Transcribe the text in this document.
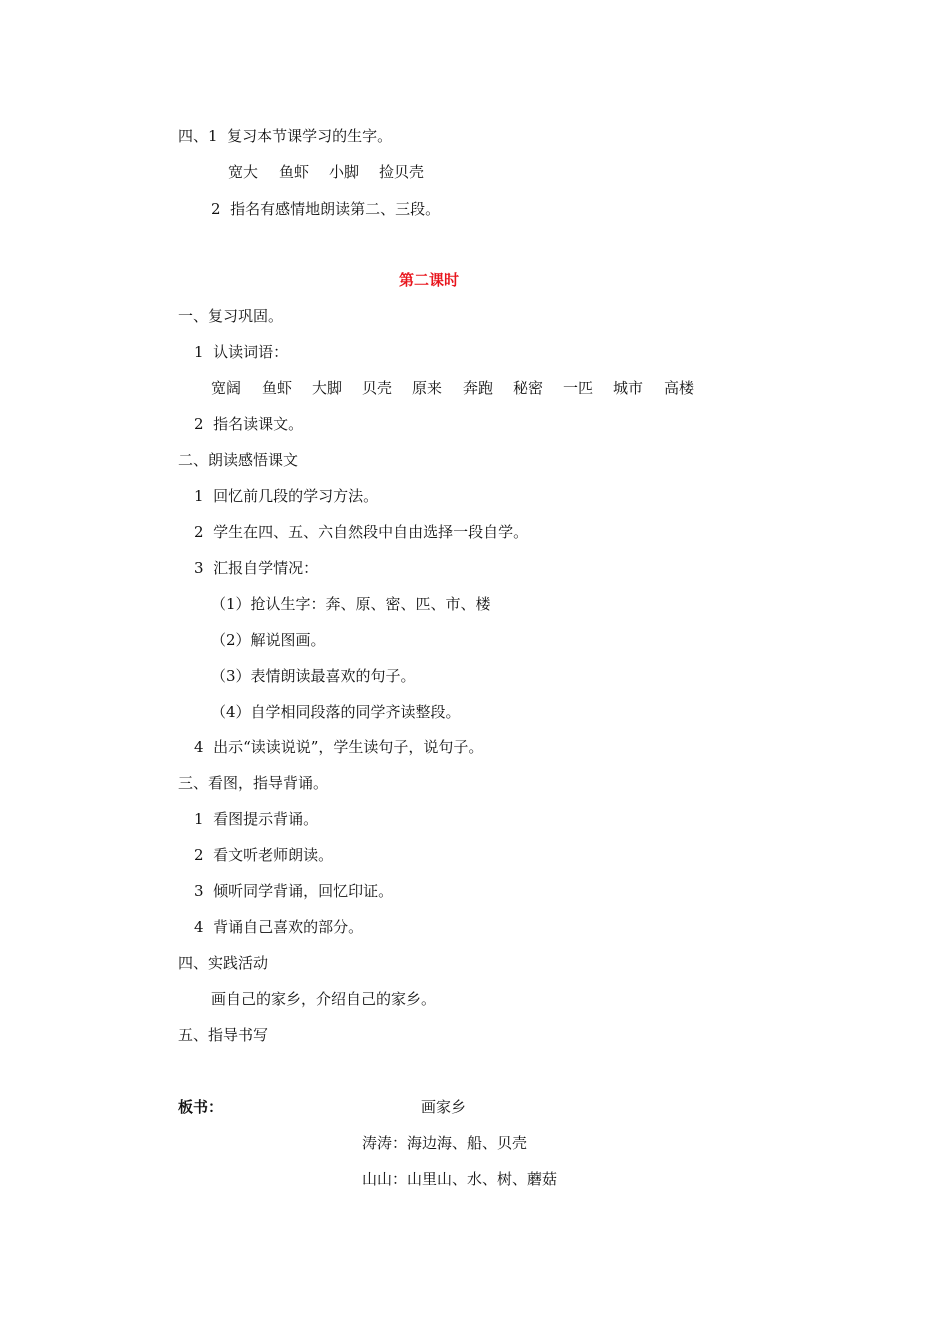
四、1  复习本节课学习的生字。
宽大 鱼虾 小脚 捡贝壳
2  指名有感情地朗读第二、三段。
第二课时
一、复习巩固。
1  认读词语：
宽阔 鱼虾 大脚 贝壳 原来 奔跑 秘密 一匹 城市 高楼
2  指名读课文。
二、朗读感悟课文
1  回忆前几段的学习方法。
2  学生在四、五、六自然段中自由选择一段自学。
3  汇报自学情况：
（1）抢认生字：奔、原、密、匹、市、楼
（2）解说图画。
（3）表情朗读最喜欢的句子。
（4）自学相同段落的同学齐读整段。
4  出示“读读说说”，学生读句子，说句子。
三、看图，指导背诵。
1  看图提示背诵。
2  看文听老师朗读。
3  倾听同学背诵，回忆印证。
4  背诵自己喜欢的部分。
四、实践活动
画自己的家乡，介绍自己的家乡。
五、指导书写
板书：	画家乡
涛涛：海边海、船、贝壳
山山：山里山、水、树、蘑菇
